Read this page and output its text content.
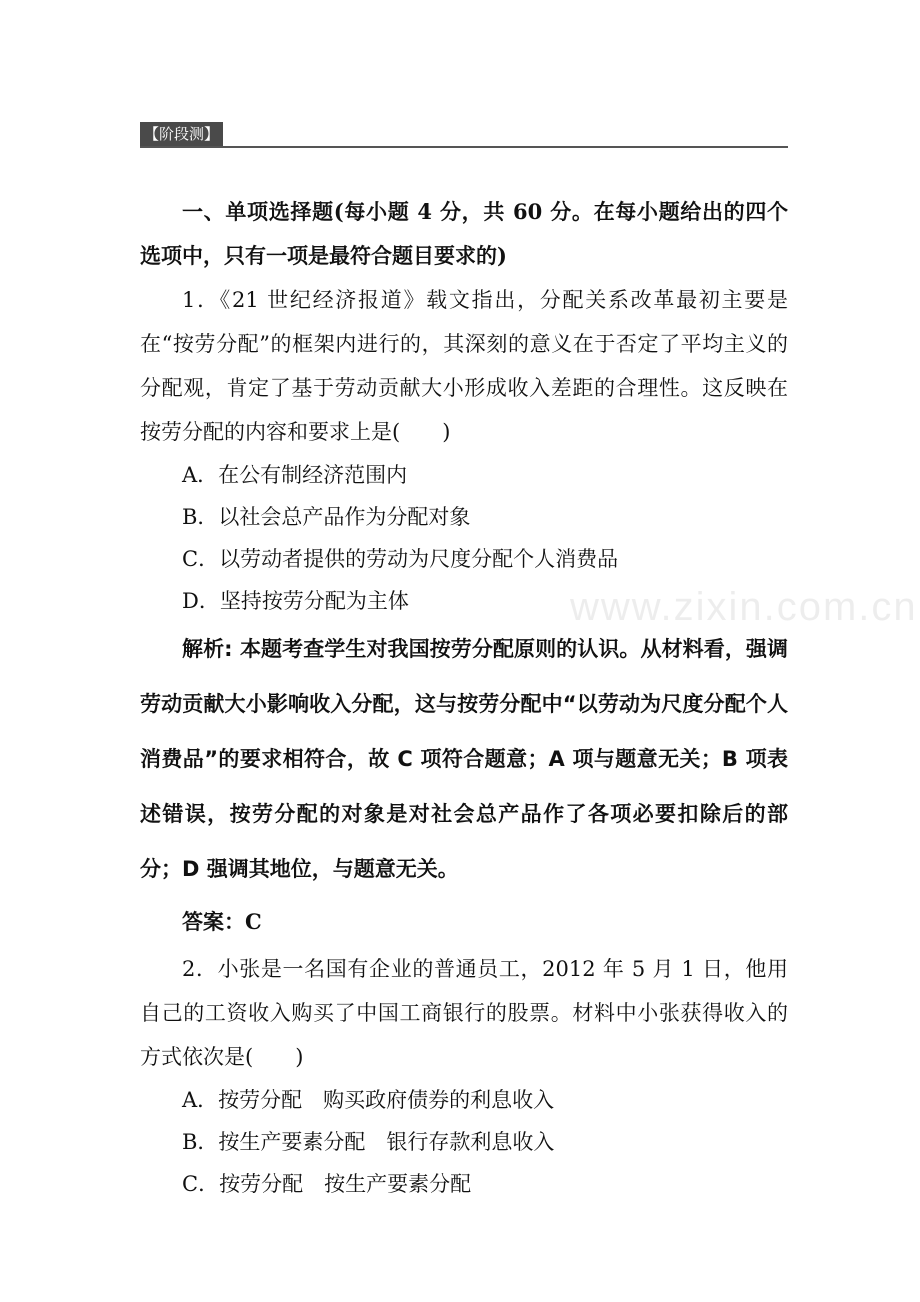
【阶段测】
www.zixin.com.cn

一、单项选择题(每小题 4 分，共 60 分。在每小题给出的四个选项中，只有一项是最符合题目要求的)

1．《21 世纪经济报道》载文指出，分配关系改革最初主要是在“按劳分配”的框架内进行的，其深刻的意义在于否定了平均主义的分配观，肯定了基于劳动贡献大小形成收入差距的合理性。这反映在按劳分配的内容和要求上是(　　)

A．在公有制经济范围内

B．以社会总产品作为分配对象

C．以劳动者提供的劳动为尺度分配个人消费品

D．坚持按劳分配为主体

解析: 本题考查学生对我国按劳分配原则的认识。从材料看，强调劳动贡献大小影响收入分配，这与按劳分配中“以劳动为尺度分配个人消费品”的要求相符合，故 C 项符合题意；A 项与题意无关；B 项表述错误，按劳分配的对象是对社会总产品作了各项必要扣除后的部分；D 强调其地位，与题意无关。

答案：C

2．小张是一名国有企业的普通员工，2012 年 5 月 1 日，他用自己的工资收入购买了中国工商银行的股票。材料中小张获得收入的方式依次是(　　)

A．按劳分配　购买政府债券的利息收入

B．按生产要素分配　银行存款利息收入

C．按劳分配　按生产要素分配
